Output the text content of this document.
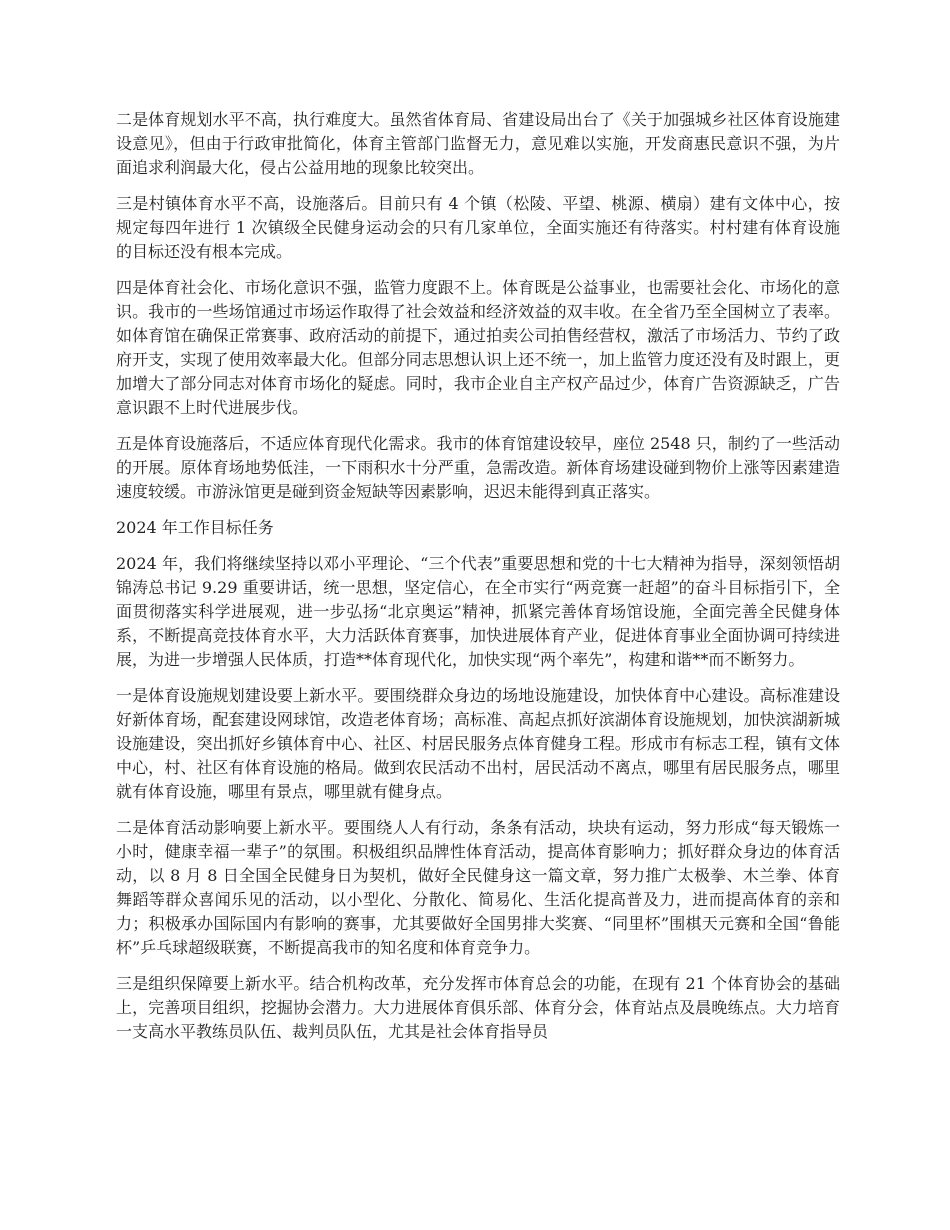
二是体育规划水平不高，执行难度大。虽然省体育局、省建设局出台了《关于加强城乡社区体育设施建设意见》，但由于行政审批简化，体育主管部门监督无力，意见难以实施，开发商惠民意识不强，为片面追求利润最大化，侵占公益用地的现象比较突出。

三是村镇体育水平不高，设施落后。目前只有 4 个镇（松陵、平望、桃源、横扇）建有文体中心，按规定每四年进行 1 次镇级全民健身运动会的只有几家单位，全面实施还有待落实。村村建有体育设施的目标还没有根本完成。

四是体育社会化、市场化意识不强，监管力度跟不上。体育既是公益事业，也需要社会化、市场化的意识。我市的一些场馆通过市场运作取得了社会效益和经济效益的双丰收。在全省乃至全国树立了表率。如体育馆在确保正常赛事、政府活动的前提下，通过拍卖公司拍售经营权，激活了市场活力、节约了政府开支，实现了使用效率最大化。但部分同志思想认识上还不统一，加上监管力度还没有及时跟上，更加增大了部分同志对体育市场化的疑虑。同时，我市企业自主产权产品过少，体育广告资源缺乏，广告意识跟不上时代进展步伐。

五是体育设施落后，不适应体育现代化需求。我市的体育馆建设较早，座位 2548 只，制约了一些活动的开展。原体育场地势低洼，一下雨积水十分严重，急需改造。新体育场建设碰到物价上涨等因素建造速度较缓。市游泳馆更是碰到资金短缺等因素影响，迟迟未能得到真正落实。

2024 年工作目标任务

2024 年，我们将继续坚持以邓小平理论、“三个代表”重要思想和党的十七大精神为指导，深刻领悟胡锦涛总书记 9.29 重要讲话，统一思想，坚定信心，在全市实行“两竞赛一赶超”的奋斗目标指引下，全面贯彻落实科学进展观，进一步弘扬“北京奥运”精神，抓紧完善体育场馆设施，全面完善全民健身体系，不断提高竞技体育水平，大力活跃体育赛事，加快进展体育产业，促进体育事业全面协调可持续进展，为进一步增强人民体质，打造**体育现代化，加快实现“两个率先”，构建和谐**而不断努力。

一是体育设施规划建设要上新水平。要围绕群众身边的场地设施建设，加快体育中心建设。高标准建设好新体育场，配套建设网球馆，改造老体育场；高标准、高起点抓好滨湖体育设施规划，加快滨湖新城设施建设，突出抓好乡镇体育中心、社区、村居民服务点体育健身工程。形成市有标志工程，镇有文体中心，村、社区有体育设施的格局。做到农民活动不出村，居民活动不离点，哪里有居民服务点，哪里就有体育设施，哪里有景点，哪里就有健身点。

二是体育活动影响要上新水平。要围绕人人有行动，条条有活动，块块有运动，努力形成“每天锻炼一小时，健康幸福一辈子”的氛围。积极组织品牌性体育活动，提高体育影响力；抓好群众身边的体育活动，以 8 月 8 日全国全民健身日为契机，做好全民健身这一篇文章，努力推广太极拳、木兰拳、体育舞蹈等群众喜闻乐见的活动，以小型化、分散化、简易化、生活化提高普及力，进而提高体育的亲和力；积极承办国际国内有影响的赛事，尤其要做好全国男排大奖赛、“同里杯”围棋天元赛和全国“鲁能杯”乒乓球超级联赛，不断提高我市的知名度和体育竞争力。

三是组织保障要上新水平。结合机构改革，充分发挥市体育总会的功能，在现有 21 个体育协会的基础上，完善项目组织，挖掘协会潜力。大力进展体育俱乐部、体育分会，体育站点及晨晚练点。大力培育一支高水平教练员队伍、裁判员队伍，尤其是社会体育指导员
